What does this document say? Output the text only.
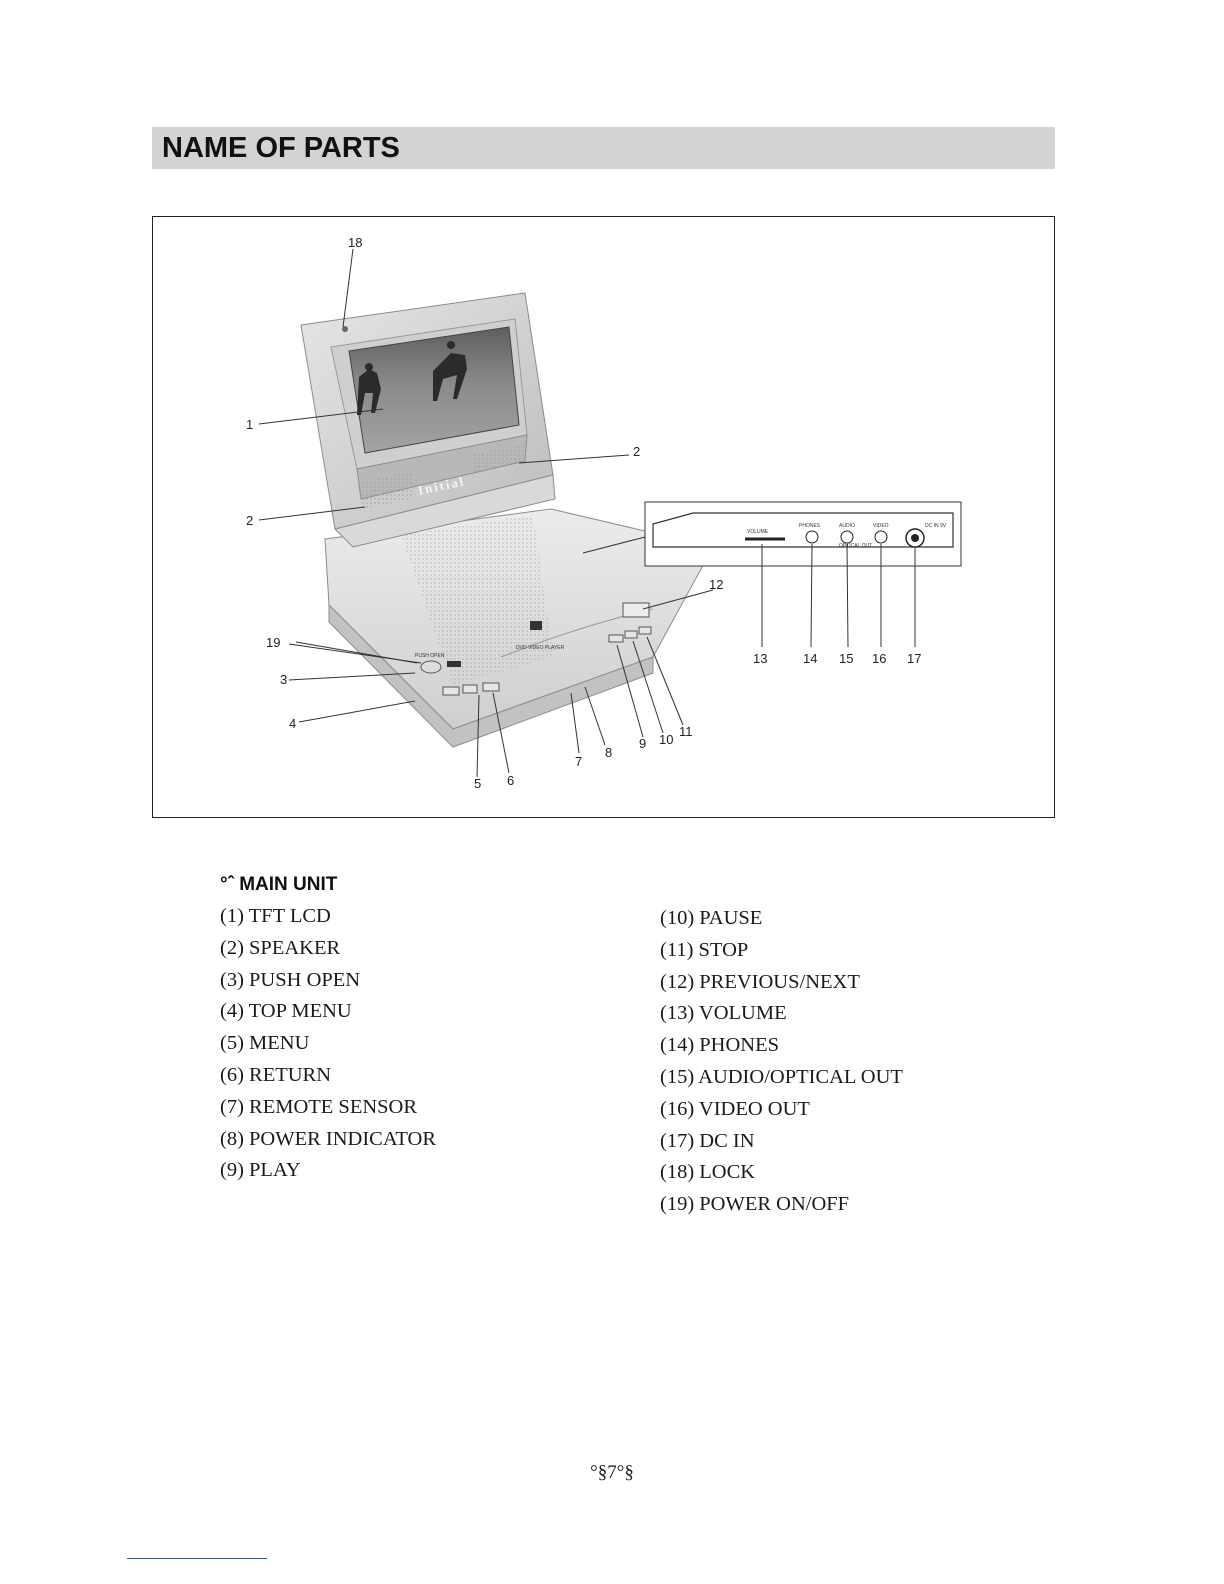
NAME OF PARTS
DVD
DVD VIDEO PLAYER
Initial
PUSH OPEN
VOLUME
PHONES	AUDIO
OPTICAL OUT
VIDEO	DC IN 9V
18
1
2
2
19
3
4
5 6
7
8
9 10
11
12
13	14 15 16 17
°ˆ MAIN UNIT
(1) TFT LCD
(2) SPEAKER
(3) PUSH OPEN
(4) TOP MENU
(5) MENU
(6) RETURN
(7) REMOTE SENSOR
(8) POWER INDICATOR
(9) PLAY
(10) PAUSE
(11) STOP
(12) PREVIOUS/NEXT
(13) VOLUME
(14) PHONES
(15) AUDIO/OPTICAL OUT
(16) VIDEO OUT
(17) DC IN
(18) LOCK
(19) POWER ON/OFF
°§7°§
